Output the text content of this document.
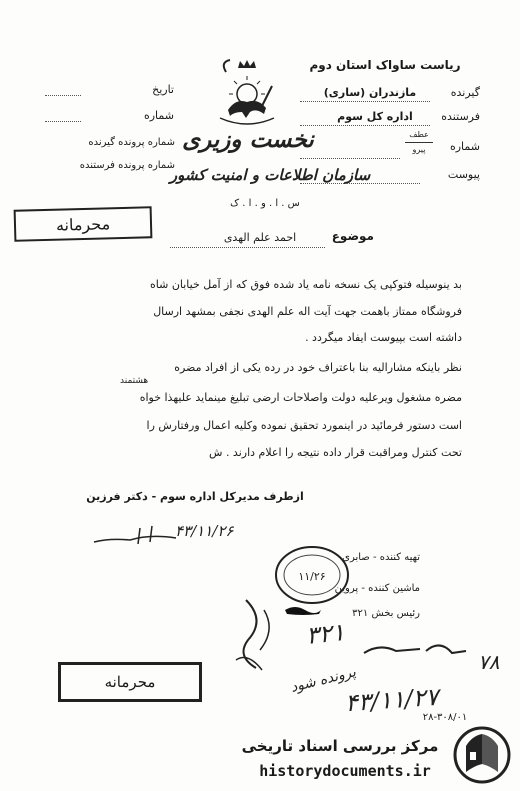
تاریخ
شماره
شماره پرونده گیرنده
شماره پرونده فرستنده
نخست وزیری
سازمان اطلاعات و امنیت کشور
س . ا . و . ا . ک
ریاست ساواک استان دوم
گیرنده
مازندران (ساری)
فرستنده
اداره کل سوم
شماره
عطف
پیرو
پیوست
محرمانه
موضوع
احمد علم الهدی
بد ینوسیله فتوکپی یک نسخه نامه یاد شده فوق که از آمل خیابان شاه
فروشگاه ممتاز باهمت جهت آیت اله علم الهدی نجفی بمشهد ارسال
داشته است بپیوست ایفاد میگردد .
نظر باینکه مشارالیه بنا باعتراف خود در رده یکی از افراد مضره
هشتمند
مضره مشغول ویرعلیه دولت واصلاحات ارضی تبلیغ مینماید علیهذا خواه
است دستور فرمائید در اینمورد تحقیق نموده وکلیه اعمال ورفتارش را
تحت کنترل ومراقبت قرار داده نتیجه را اعلام دارند . ش
ازطرف مدیرکل اداره سوم - دکتر فرزین
۴۳/۱۱/۲۶
تهیه کننده - صابری
ماشین کننده - پروین
رئیس بخش ۳۲۱
۱۱/۲۶
۳۲۱
۷۸
پرونده شود
۴۳/۱۱/۲۷
۲۸-۳۰۸/۰۱
محرمانه
مرکز بررسی اسناد تاریخی
historydocuments.ir
